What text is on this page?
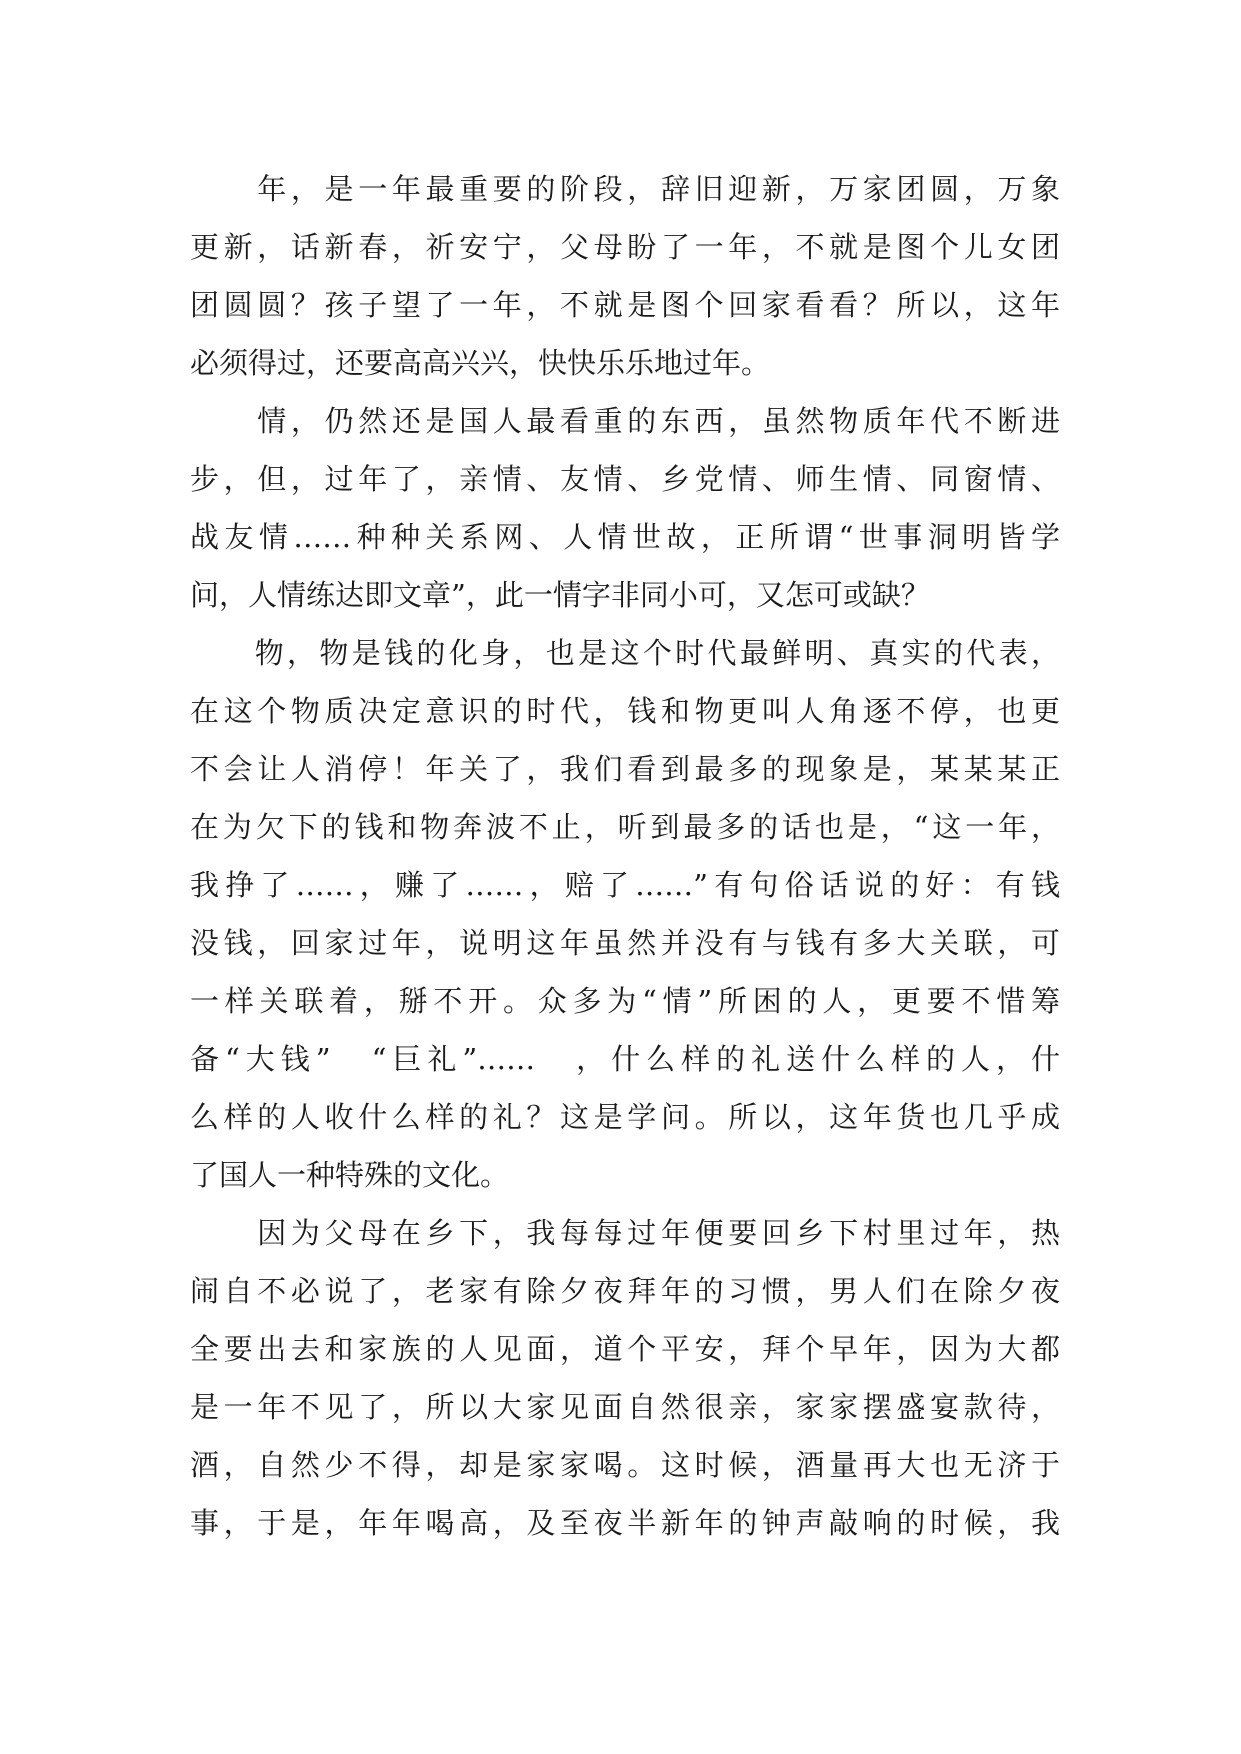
　　年，是一年最重要的阶段，辞旧迎新，万家团圆，万象
更新，话新春，祈安宁，父母盼了一年，不就是图个儿女团
团圆圆？孩子望了一年，不就是图个回家看看？所以，这年
必须得过，还要高高兴兴，快快乐乐地过年。
　　情，仍然还是国人最看重的东西，虽然物质年代不断进
步，但，过年了，亲情、友情、乡党情、师生情、同窗情、
战友情……种种关系网、人情世故，正所谓“世事洞明皆学
问，人情练达即文章”，此一情字非同小可，又怎可或缺？
　　物，物是钱的化身，也是这个时代最鲜明、真实的代表，
在这个物质决定意识的时代，钱和物更叫人角逐不停，也更
不会让人消停！年关了，我们看到最多的现象是，某某某正
在为欠下的钱和物奔波不止，听到最多的话也是，“这一年，
我挣了……，赚了……，赔了……”有句俗话说的好：有钱
没钱，回家过年，说明这年虽然并没有与钱有多大关联，可
一样关联着，掰不开。众多为“情”所困的人，更要不惜筹
备“大钱”　“巨礼”……　，什么样的礼送什么样的人，什
么样的人收什么样的礼？这是学问。所以，这年货也几乎成
了国人一种特殊的文化。
　　因为父母在乡下，我每每过年便要回乡下村里过年，热
闹自不必说了，老家有除夕夜拜年的习惯，男人们在除夕夜
全要出去和家族的人见面，道个平安，拜个早年，因为大都
是一年不见了，所以大家见面自然很亲，家家摆盛宴款待，
酒，自然少不得，却是家家喝。这时候，酒量再大也无济于
事，于是，年年喝高，及至夜半新年的钟声敲响的时候，我
